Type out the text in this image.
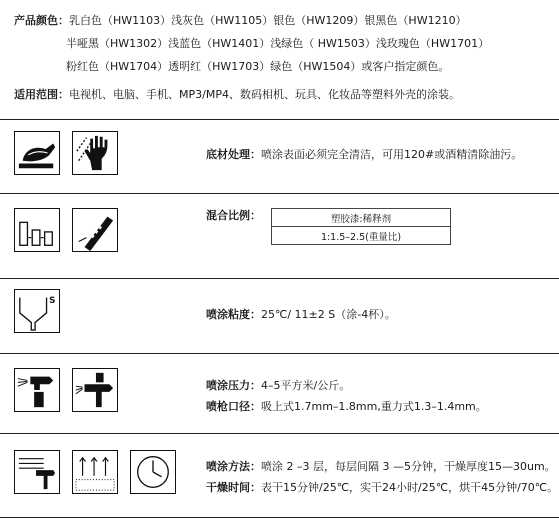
产品颜色：乳白色（HW1103）浅灰色（HW1105）银色（HW1209）银黑色（HW1210）
半哑黑（HW1302）浅蓝色（HW1401）浅绿色（ HW1503）浅玫瑰色（HW1701）
粉红色（HW1704）透明红（HW1703）绿色（HW1504）或客户指定颜色。
适用范围：电视机、电脑、手机、MP3/MP4、数码相机、玩具、化妆品等塑料外壳的涂装。
底材处理：喷涂表面必须完全清洁，可用120#或酒精清除油污。
混合比例：	塑胶漆:稀释剂
1:1.5–2.5(重量比)
S
喷涂粘度：25℃/ 11±2 S（涂-4杯）。
喷涂压力：4–5平方米/公斤。
喷枪口径：吸上式1.7mm–1.8mm,重力式1.3–1.4mm。
喷涂方法：喷涂 2 –3 层，每层间隔 3 —5分钟，干燥厚度15—30um。
干燥时间：表干15分钟/25℃，实干24小时/25℃，烘干45分钟/70℃。
